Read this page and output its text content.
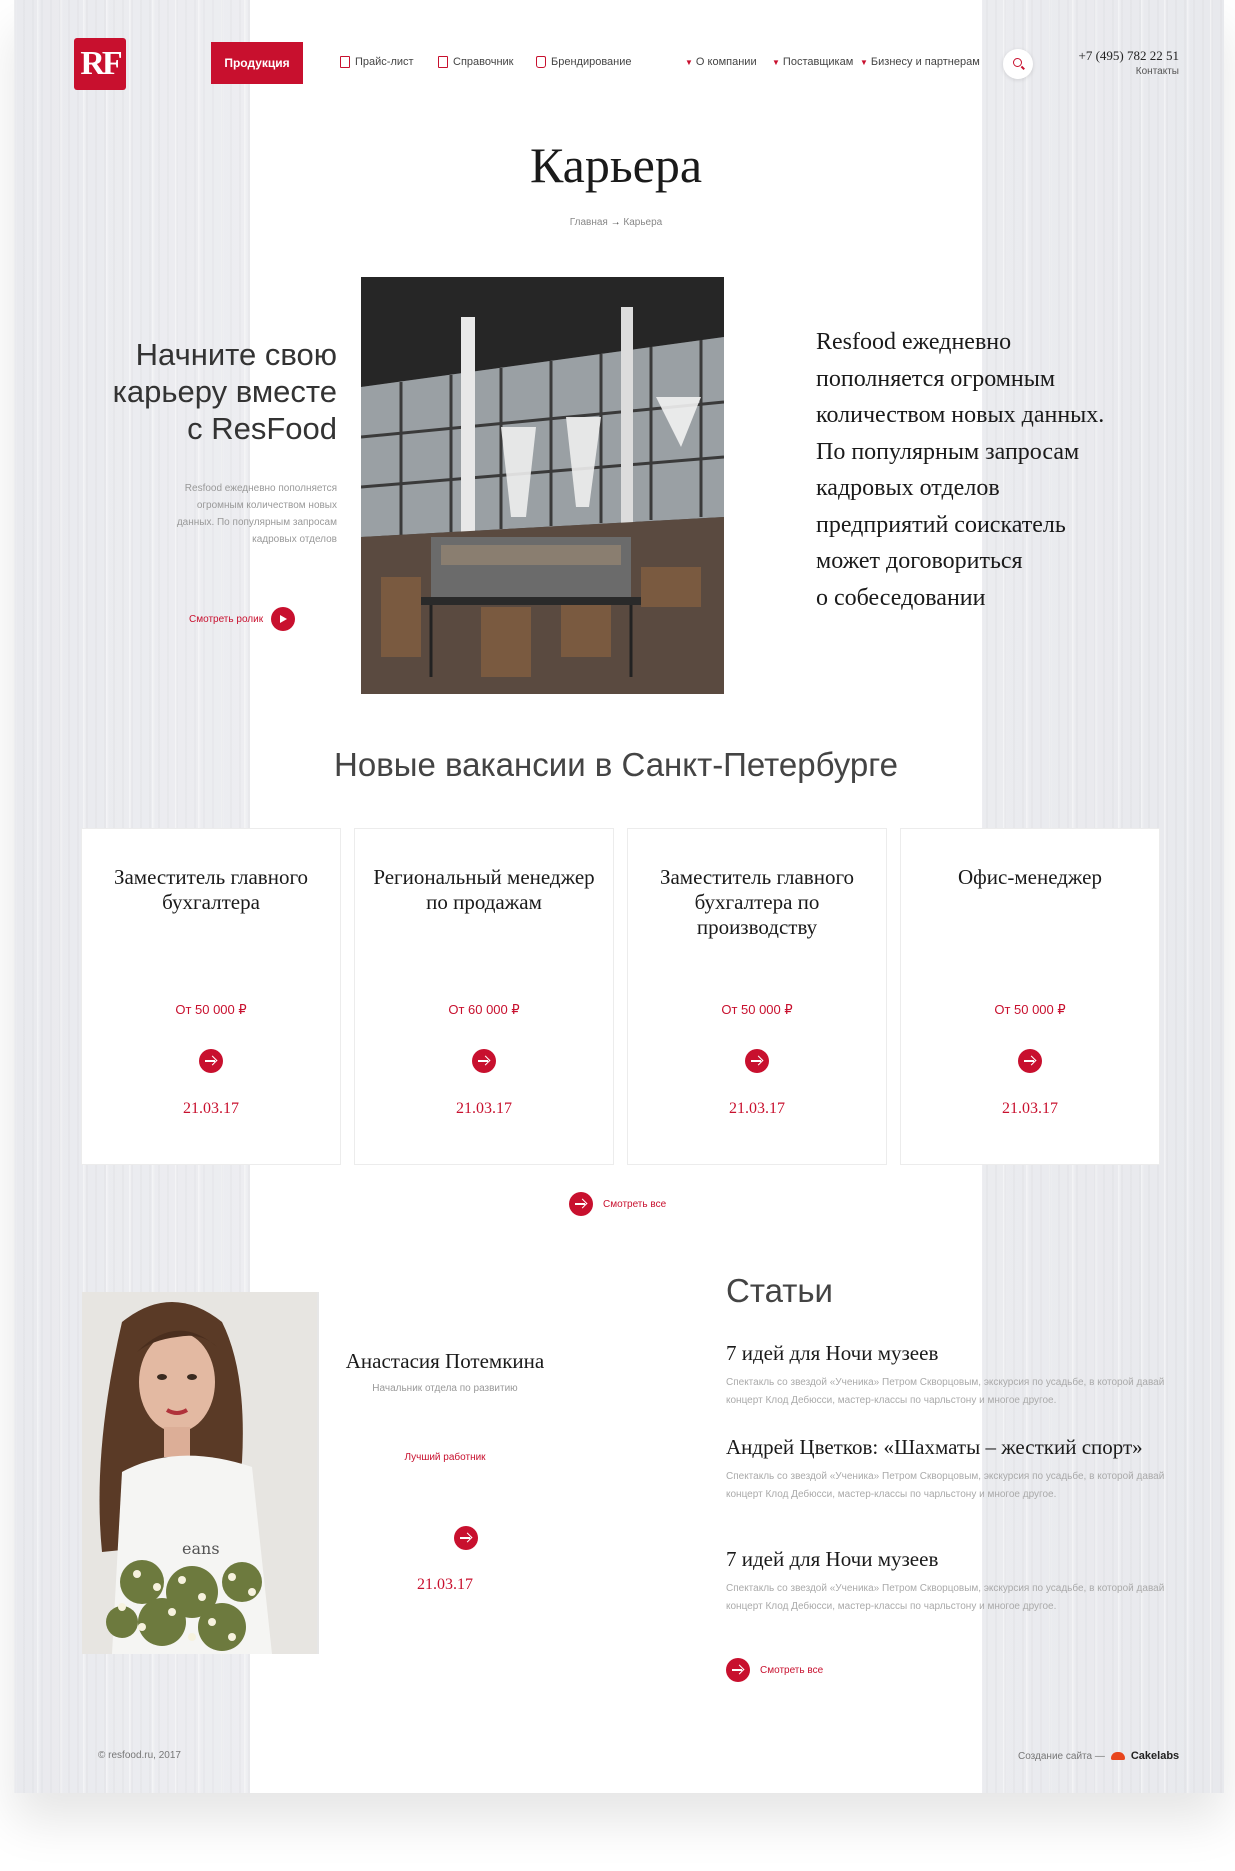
RF	Продукция	Прайс-лист	Справочник	Брендирование	▼ О компании ▼ Поставщикам ▼ Бизнесу и партнерам	+7 (495) 782 22 51
Контакты
Карьера
Главная → Карьера
Начните свою
карьеру вместе
с ResFood
Resfood ежедневно пополняется
огромным количеством новых
данных. По популярным запросам
кадровых отделов
Смотреть ролик
Resfood ежедневно
пополняется огромным
количеством новых данных.
По популярным запросам
кадровых отделов
предприятий соискатель
может договориться
о собеседовании
Новые вакансии в Санкт-Петербурге
Заместитель главного бухгалтера
От 50 000 ₽
21.03.17
Региональный менеджер по продажам
От 60 000 ₽
21.03.17
Заместитель главного бухгалтера по производству
От 50 000 ₽
21.03.17
Офис-менеджер
От 50 000 ₽
21.03.17
Смотреть все
eans
Анастасия Потемкина
Начальник отдела по развитию
Лучший работник
21.03.17
Статьи
7 идей для Ночи музеев
Спектакль со звездой «Ученика» Петром Скворцовым, экскурсия по усадьбе, в которой давай концерт Клод Дебюсси, мастер-классы по чарльстону и многое другое.
Андрей Цветков: «Шахматы – жесткий спорт»
Спектакль со звездой «Ученика» Петром Скворцовым, экскурсия по усадьбе, в которой давай концерт Клод Дебюсси, мастер-классы по чарльстону и многое другое.
7 идей для Ночи музеев
Спектакль со звездой «Ученика» Петром Скворцовым, экскурсия по усадьбе, в которой давай концерт Клод Дебюсси, мастер-классы по чарльстону и многое другое.
Смотреть все
© resfood.ru, 2017	Создание сайта — Cakelabs
